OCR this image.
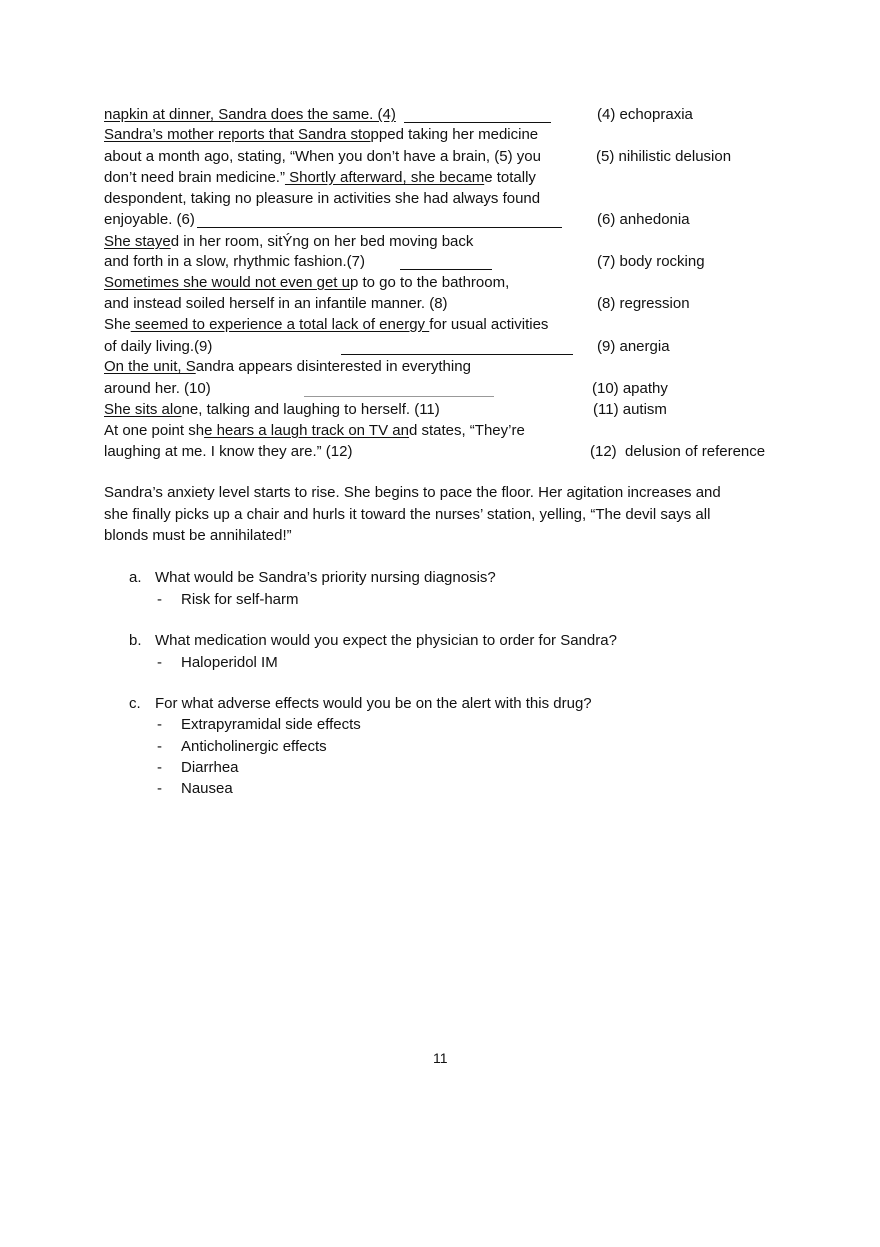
napkin at dinner, Sandra does the same. (4)
Sandra’s mother reports that Sandra stopped taking her medicine
about a month ago, stating, “When you don’t have a brain, (5) you
don’t need brain medicine.” Shortly afterward, she became totally
despondent, taking no pleasure in activities she had always found
enjoyable. (6)
She stayed in her room, sitÝng on her bed moving back
and forth in a slow, rhythmic fashion.(7)
Sometimes she would not even get up to go to the bathroom,
and instead soiled herself in an infantile manner. (8)
She seemed to experience a total lack of energy for usual activities
of daily living.(9)
On the unit, Sandra appears disinterested in everything
around her. (10)
She sits alone, talking and laughing to herself. (11)
At one point she hears a laugh track on TV and states, “They’re
laughing at me. I know they are.” (12)
(4) echopraxia
(5) nihilistic delusion
(6) anhedonia
(7) body rocking
(8) regression
(9) anergia
(10) apathy
(11) autism
(12)  delusion of reference
Sandra’s anxiety level starts to rise. She begins to pace the floor. Her agitation increases and
she finally picks up a chair and hurls it toward the nurses’ station, yelling, “The devil says all
blonds must be annihilated!”
a. What would be Sandra’s priority nursing diagnosis?
- Risk for self-harm
b. What medication would you expect the physician to order for Sandra?
- Haloperidol IM
c. For what adverse effects would you be on the alert with this drug?
- Extrapyramidal side effects
- Anticholinergic effects
- Diarrhea
- Nausea
11
